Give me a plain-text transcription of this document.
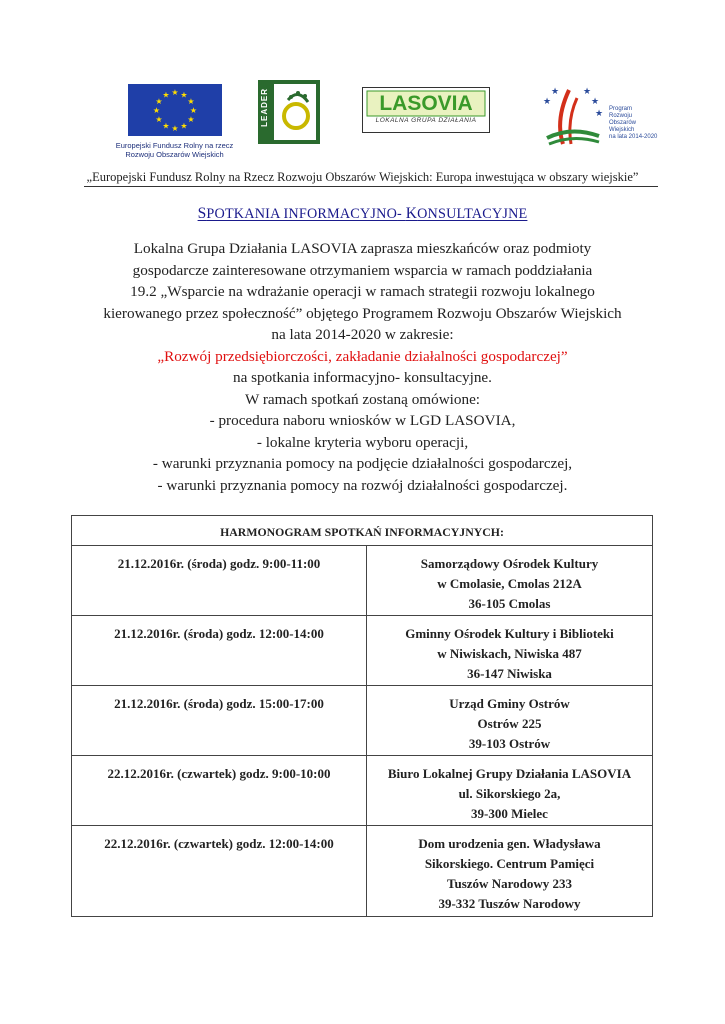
★ ★
★
★
★
★
★
★
★
★
★
★
Europejski Fundusz Rolny na rzecz
Rozwoju Obszarów Wiejskich
LEADER	LASOVIA
LOKALNA GRUPA DZIAŁANIA
★
★	★
★
★ Program
Rozwoju
Obszarów
Wiejskich
na lata 2014-2020
„Europejski Fundusz Rolny na Rzecz Rozwoju Obszarów Wiejskich: Europa inwestująca w obszary wiejskie”
SPOTKANIA INFORMACYJNO- KONSULTACYJNE
Lokalna Grupa Działania LASOVIA zaprasza mieszkańców oraz podmioty
gospodarcze zainteresowane otrzymaniem wsparcia w ramach poddziałania
19.2 „Wsparcie na wdrażanie operacji w ramach strategii rozwoju lokalnego
kierowanego przez społeczność” objętego Programem Rozwoju Obszarów Wiejskich
na lata 2014-2020 w zakresie:
„Rozwój przedsiębiorczości, zakładanie działalności gospodarczej”
na spotkania informacyjno- konsultacyjne.
W ramach spotkań zostaną omówione:
- procedura naboru wniosków w LGD LASOVIA,
- lokalne kryteria wyboru operacji,
- warunki przyznania pomocy na podjęcie działalności gospodarczej,
- warunki przyznania pomocy na rozwój działalności gospodarczej.
HARMONOGRAM SPOTKAŃ INFORMACYJNYCH:	
21.12.2016r. (środa) godz. 9:00-11:00	Samorządowy Ośrodek Kultury
w Cmolasie, Cmolas 212A
36-105 Cmolas

21.12.2016r. (środa) godz. 12:00-14:00	Gminny Ośrodek Kultury i Biblioteki
w Niwiskach, Niwiska 487
36-147 Niwiska

21.12.2016r. (środa) godz. 15:00-17:00	Urząd Gminy Ostrów
Ostrów 225
39-103 Ostrów

22.12.2016r. (czwartek) godz. 9:00-10:00	Biuro Lokalnej Grupy Działania LASOVIA
ul. Sikorskiego 2a,
39-300 Mielec

22.12.2016r. (czwartek) godz. 12:00-14:00	Dom urodzenia gen. Władysława
Sikorskiego. Centrum Pamięci
Tuszów Narodowy 233
39-332 Tuszów Narodowy
